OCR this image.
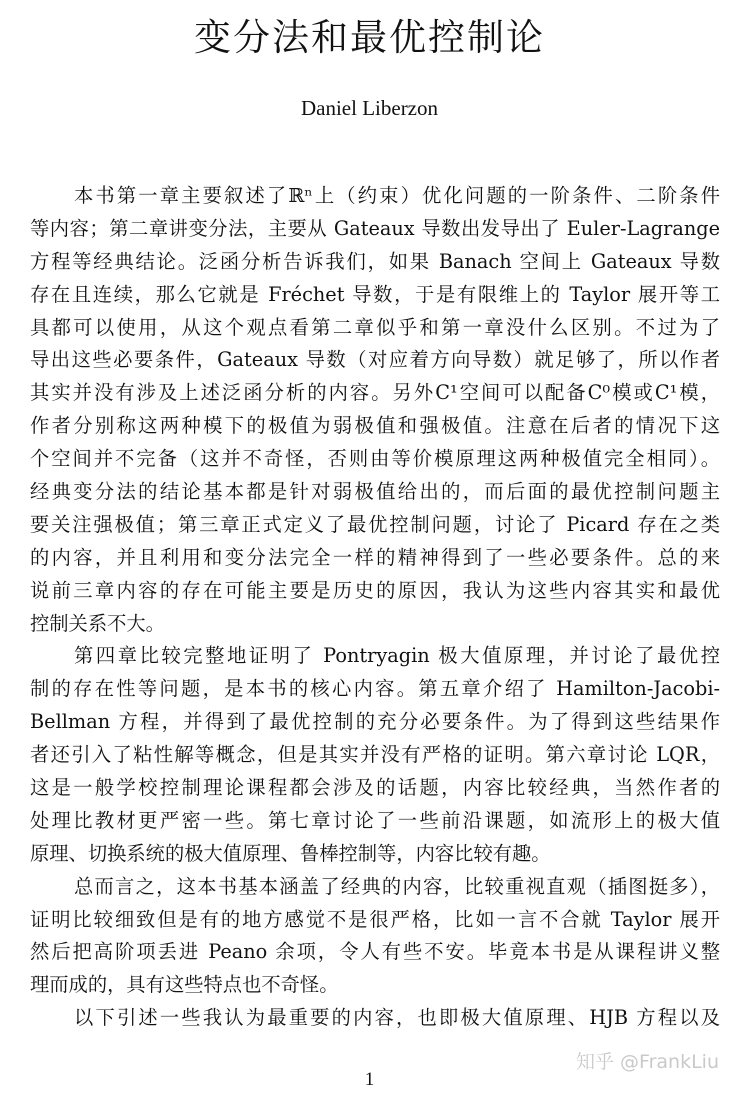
变分法和最优控制论
Daniel Liberzon
本书第一章主要叙述了ℝⁿ上（约束）优化问题的一阶条件、二阶条件
等内容；第二章讲变分法，主要从 Gateaux 导数出发导出了 Euler-Lagrange
方程等经典结论。泛函分析告诉我们，如果 Banach 空间上 Gateaux 导数
存在且连续，那么它就是 Fréchet 导数，于是有限维上的 Taylor 展开等工
具都可以使用，从这个观点看第二章似乎和第一章没什么区别。不过为了
导出这些必要条件，Gateaux 导数（对应着方向导数）就足够了，所以作者
其实并没有涉及上述泛函分析的内容。另外C¹空间可以配备C⁰模或C¹模，
作者分别称这两种模下的极值为弱极值和强极值。注意在后者的情况下这
个空间并不完备（这并不奇怪，否则由等价模原理这两种极值完全相同）。
经典变分法的结论基本都是针对弱极值给出的，而后面的最优控制问题主
要关注强极值；第三章正式定义了最优控制问题，讨论了 Picard 存在之类
的内容，并且利用和变分法完全一样的精神得到了一些必要条件。总的来
说前三章内容的存在可能主要是历史的原因，我认为这些内容其实和最优
控制关系不大。
第四章比较完整地证明了 Pontryagin 极大值原理，并讨论了最优控
制的存在性等问题，是本书的核心内容。第五章介绍了 Hamilton-Jacobi-
Bellman 方程，并得到了最优控制的充分必要条件。为了得到这些结果作
者还引入了粘性解等概念，但是其实并没有严格的证明。第六章讨论 LQR，
这是一般学校控制理论课程都会涉及的话题，内容比较经典，当然作者的
处理比教材更严密一些。第七章讨论了一些前沿课题，如流形上的极大值
原理、切换系统的极大值原理、鲁棒控制等，内容比较有趣。
总而言之，这本书基本涵盖了经典的内容，比较重视直观（插图挺多），
证明比较细致但是有的地方感觉不是很严格，比如一言不合就 Taylor 展开
然后把高阶项丢进 Peano 余项，令人有些不安。毕竟本书是从课程讲义整
理而成的，具有这些特点也不奇怪。
以下引述一些我认为最重要的内容，也即极大值原理、HJB 方程以及
知乎 @FrankLiu
1
